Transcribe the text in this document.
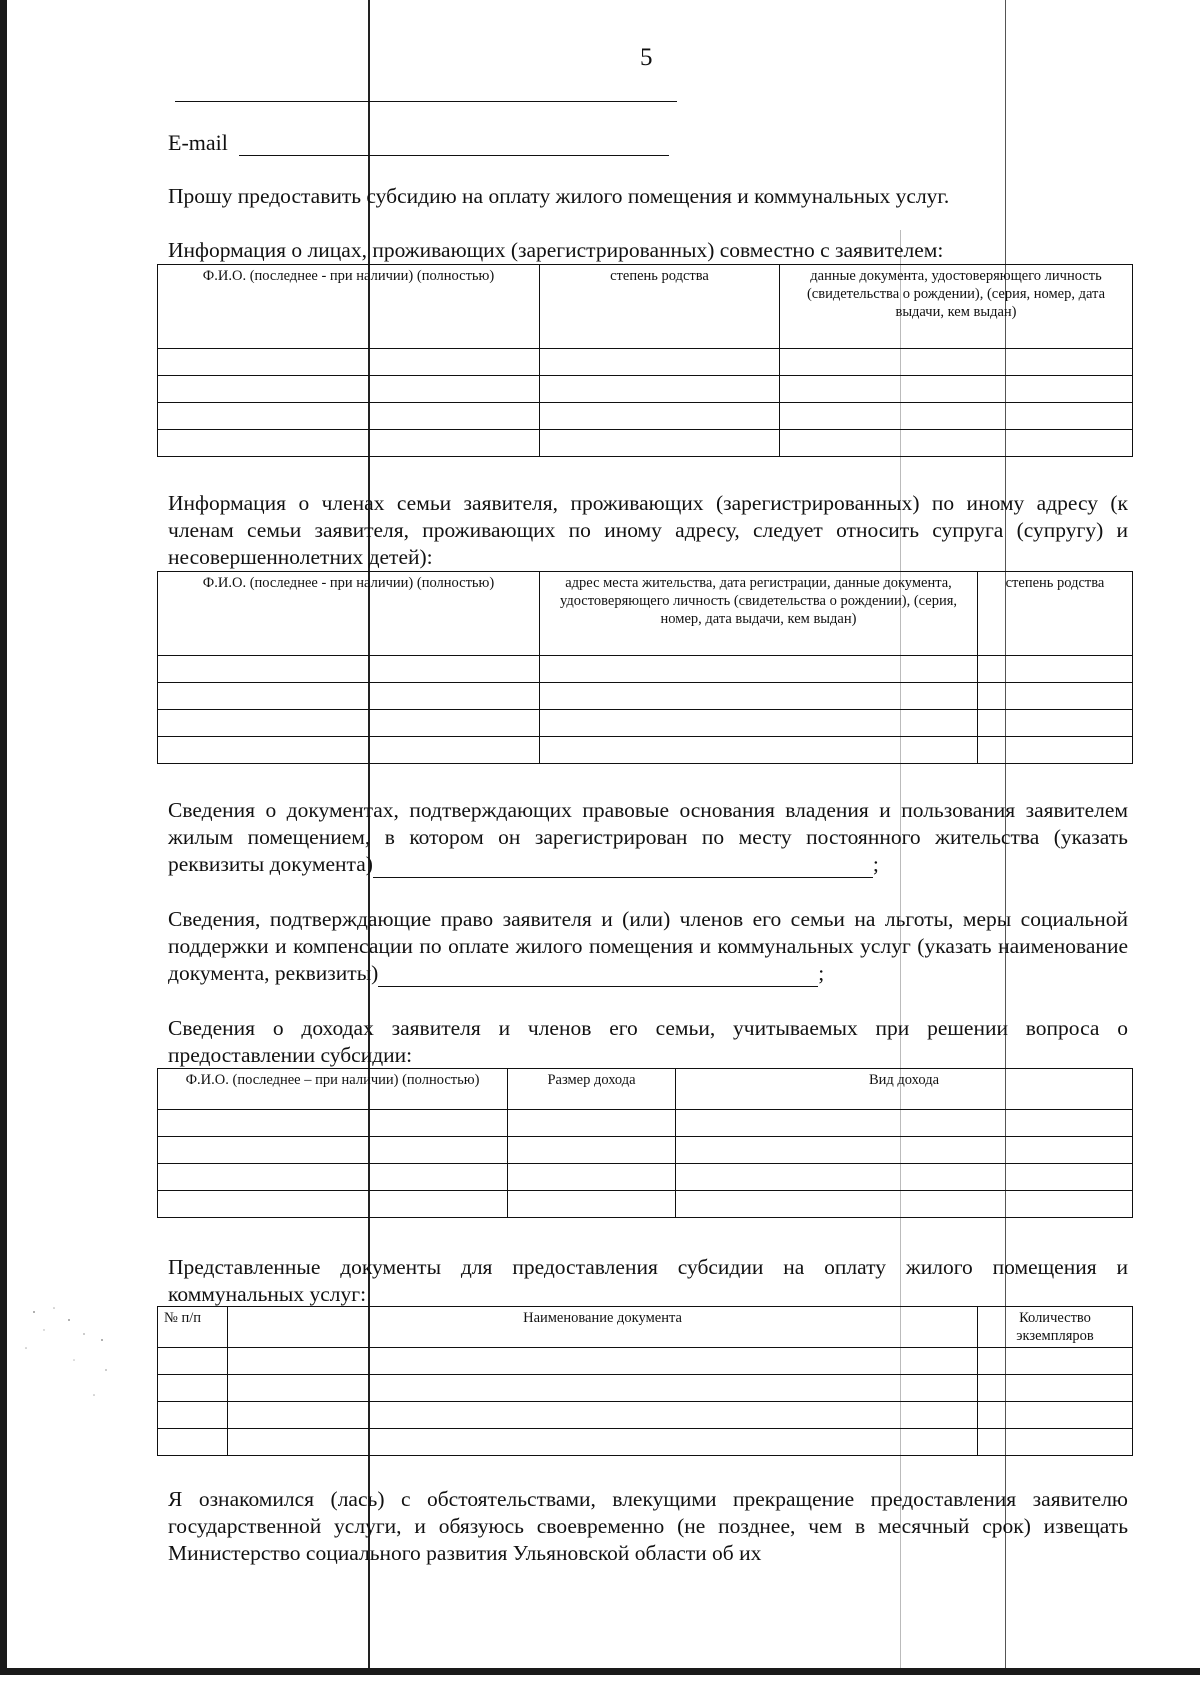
5
E-mail

Прошу предоставить субсидию на оплату жилого помещения и коммунальных услуг.

Информация о лицах, проживающих (зарегистрированных) совместно с заявителем:

Ф.И.О. (последнее - при наличии) (полностью)	степень родства	данные документа, удостоверяющего личность (свидетельства о рождении), (серия, номер, дата выдачи, кем выдан)

Информация о членах семьи заявителя, проживающих (зарегистрированных) по иному адресу (к членам семьи заявителя, проживающих по иному адресу, следует относить супруга (супругу) и несовершеннолетних детей):

Ф.И.О. (последнее - при наличии) (полностью)	адрес места жительства, дата регистрации, данные документа, удостоверяющего личность (свидетельства о рождении), (серия, номер, дата выдачи, кем выдан)	степень родства

Сведения о документах, подтверждающих правовые основания владения и пользования заявителем жилым помещением, в котором он зарегистрирован по месту постоянного жительства (указать реквизиты документа)	;

Сведения, подтверждающие право заявителя и (или) членов его семьи на льготы, меры социальной поддержки и компенсации по оплате жилого помещения и коммунальных услуг (указать наименование документа, реквизиты)	;

Сведения о доходах заявителя и членов его семьи, учитываемых при решении вопроса о предоставлении субсидии:

Ф.И.О. (последнее – при наличии) (полностью)	Размер дохода	Вид дохода

Представленные документы для предоставления субсидии на оплату жилого помещения и коммунальных услуг:

№ п/п	Наименование документа	Количество экземпляров

Я ознакомился (лась) с обстоятельствами, влекущими прекращение предоставления заявителю государственной услуги, и обязуюсь своевременно (не позднее, чем в месячный срок) извещать Министерство социального развития Ульяновской области об их
